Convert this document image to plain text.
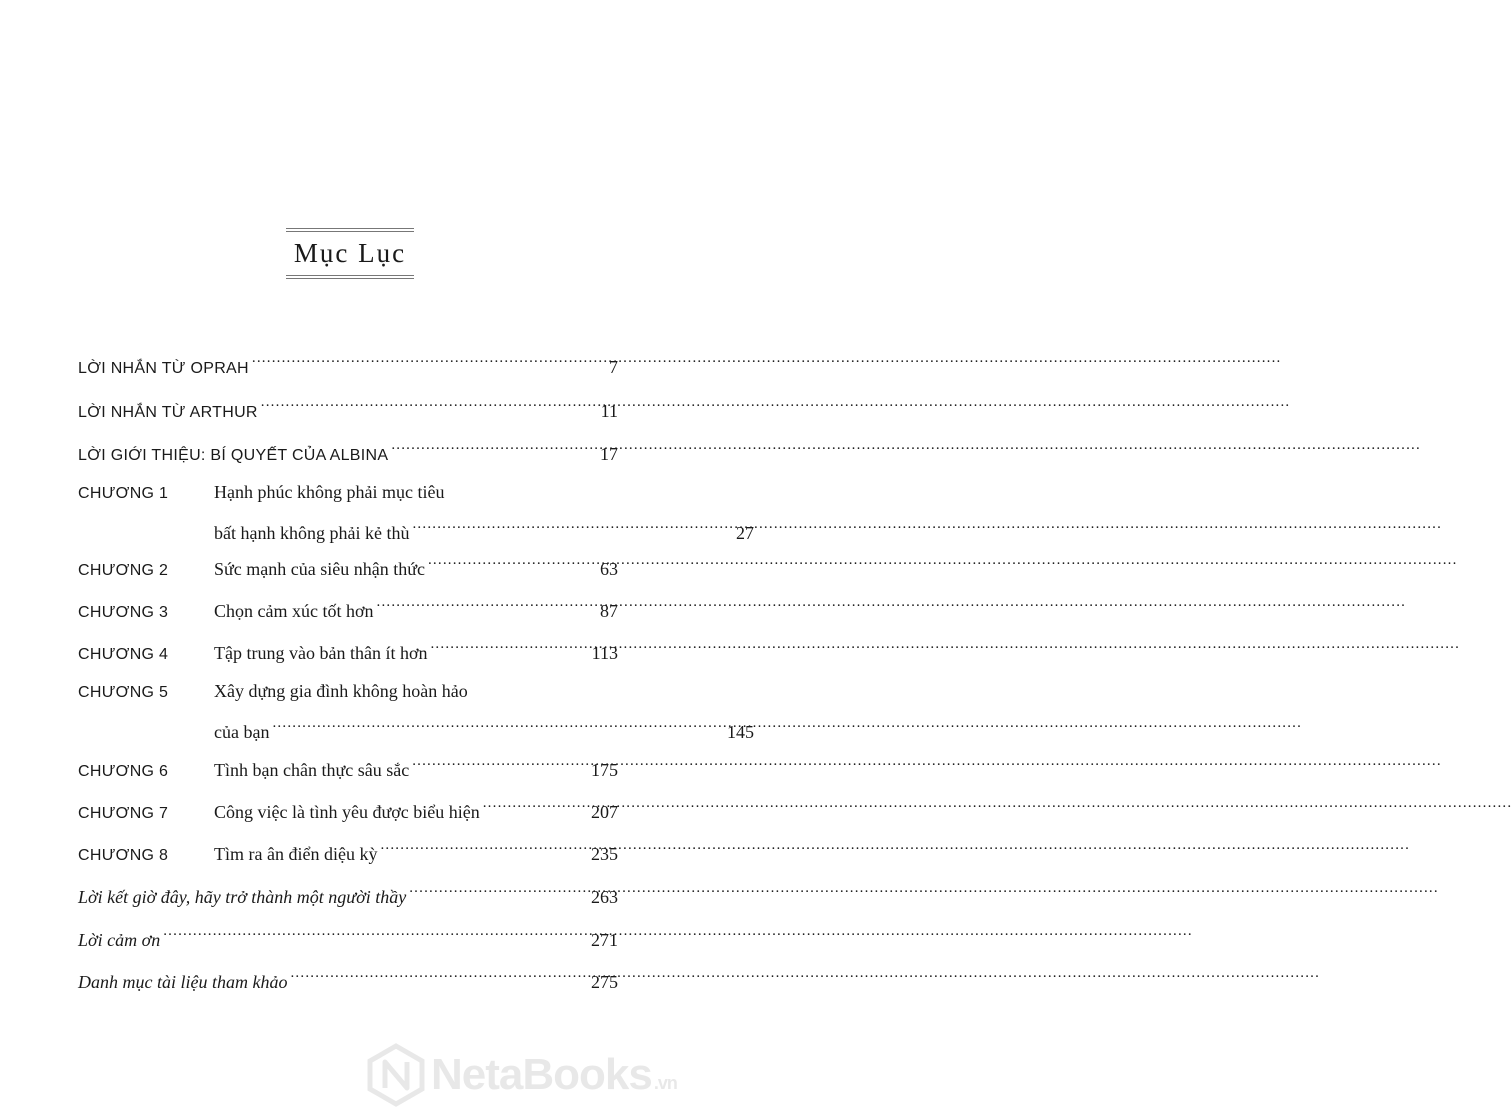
Mục Lục
LỜI NHẮN TỪ OPRAH .....	7
LỜI NHẮN TỪ ARTHUR .....	11
LỜI GIỚI THIỆU: BÍ QUYẾT CỦA ALBINA .....	17
CHƯƠNG 1	Hạnh phúc không phải mục tiêu
bất hạnh không phải kẻ thù .....	27
CHƯƠNG 2	Sức mạnh của siêu nhận thức .....	63
CHƯƠNG 3	Chọn cảm xúc tốt hơn .....	87
CHƯƠNG 4	Tập trung vào bản thân ít hơn .....	113
CHƯƠNG 5	Xây dựng gia đình không hoàn hảo
của bạn .....	145
CHƯƠNG 6	Tình bạn chân thực sâu sắc .....	175
CHƯƠNG 7	Công việc là tình yêu được biểu hiện .....	207
CHƯƠNG 8	Tìm ra ân điển diệu kỳ .....	235
Lời kết giờ đây, hãy trở thành một người thầy .....	263
Lời cảm ơn .....	271
Danh mục tài liệu tham khảo .....	275
NetaBooks .vn
